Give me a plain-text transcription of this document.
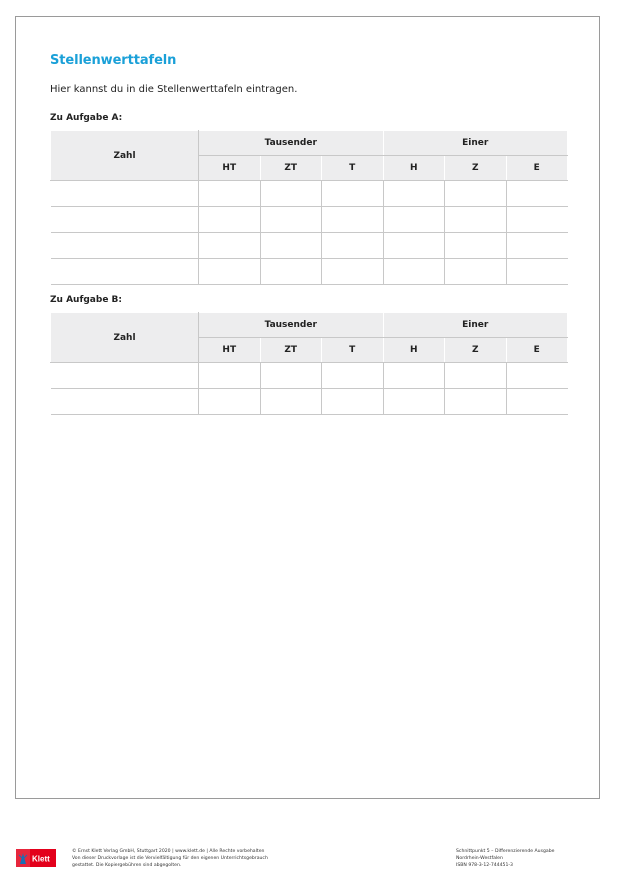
Stellenwerttafeln
Hier kannst du in die Stellenwerttafeln eintragen.
Zu Aufgabe A:
Zahl	Tausender			Einer		
	HT	ZT	T	H	Z	E

Zu Aufgabe B:
Zahl	Tausender			Einer		
	HT	ZT	T	H	Z	E

Klett
© Ernst Klett Verlag GmbH, Stuttgart 2020 | www.klett.de | Alle Rechte vorbehalten
Von dieser Druckvorlage ist die Vervielfältigung für den eigenen Unterrichtsgebrauch
gestattet. Die Kopiergebühren sind abgegolten.
Schnittpunkt 5 – Differenzierende Ausgabe
Nordrhein-Westfalen
ISBN 978-3-12-744451-3
